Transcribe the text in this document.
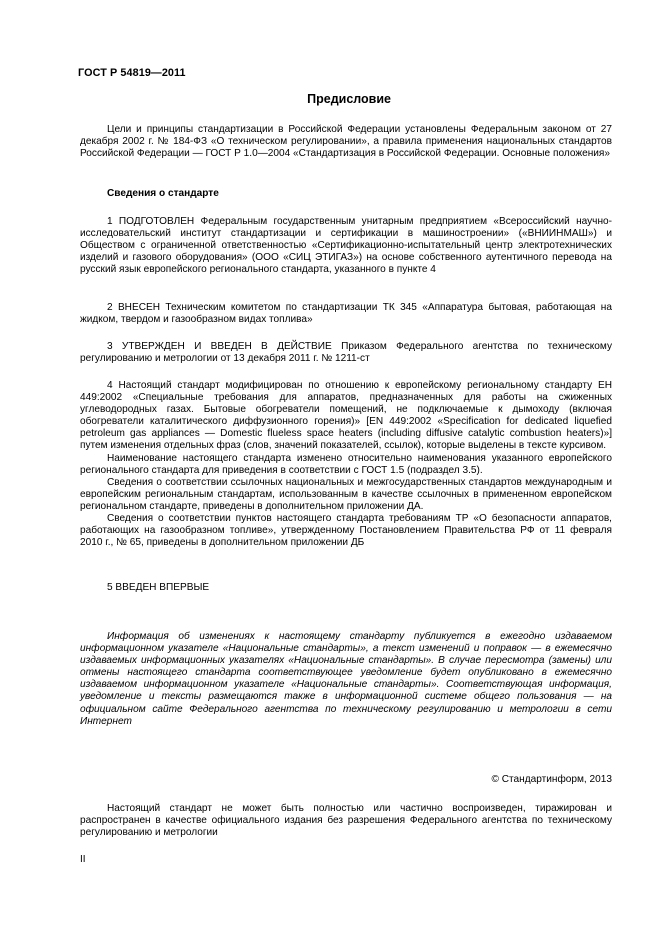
ГОСТ Р 54819—2011
Предисловие

Цели и принципы стандартизации в Российской Федерации установлены Федеральным законом от 27 декабря 2002 г. № 184-ФЗ «О техническом регулировании», а правила применения национальных стандартов Российской Федерации — ГОСТ Р 1.0—2004 «Стандартизация в Российской Федерации. Основные положения»

Сведения о стандарте

1 ПОДГОТОВЛЕН Федеральным государственным унитарным предприятием «Всероссийский научно-исследовательский институт стандартизации и сертификации в машиностроении» («ВНИИНМАШ») и Обществом с ограниченной ответственностью «Сертификационно-испытательный центр электротехнических изделий и газового оборудования» (ООО «СИЦ ЭТИГАЗ») на основе собственного аутентичного перевода на русский язык европейского регионального стандарта, указанного в пункте 4

2 ВНЕСЕН Техническим комитетом по стандартизации ТК 345 «Аппаратура бытовая, работающая на жидком, твердом и газообразном видах топлива»

3 УТВЕРЖДЕН И ВВЕДЕН В ДЕЙСТВИЕ Приказом Федерального агентства по техническому регулированию и метрологии от 13 декабря 2011 г. № 1211-ст

4 Настоящий стандарт модифицирован по отношению к европейскому региональному стандарту ЕН 449:2002 «Специальные требования для аппаратов, предназначенных для работы на сжиженных углеводородных газах. Бытовые обогреватели помещений, не подключаемые к дымоходу (включая обогреватели каталитического диффузионного горения)» [EN 449:2002 «Specification for dedicated liquefied petroleum gas appliances — Domestic flueless space heaters (including diffusive catalytic combustion heaters)»] путем изменения отдельных фраз (слов, значений показателей, ссылок), которые выделены в тексте курсивом.

Наименование настоящего стандарта изменено относительно наименования указанного европейского регионального стандарта для приведения в соответствии с ГОСТ 1.5 (подраздел 3.5).

Сведения о соответствии ссылочных национальных и межгосударственных стандартов международным и европейским региональным стандартам, использованным в качестве ссылочных в примененном европейском региональном стандарте, приведены в дополнительном приложении ДА.

Сведения о соответствии пунктов настоящего стандарта требованиям ТР «О безопасности аппаратов, работающих на газообразном топливе», утвержденному Постановлением Правительства РФ от 11 февраля 2010 г., № 65, приведены в дополнительном приложении ДБ

5 ВВЕДЕН ВПЕРВЫЕ

Информация об изменениях к настоящему стандарту публикуется в ежегодно издаваемом информационном указателе «Национальные стандарты», а текст изменений и поправок — в ежемесячно издаваемых информационных указателях «Национальные стандарты». В случае пересмотра (замены) или отмены настоящего стандарта соответствующее уведомление будет опубликовано в ежемесячно издаваемом информационном указателе «Национальные стандарты». Соответствующая информация, уведомление и тексты размещаются также в информационной системе общего пользования — на официальном сайте Федерального агентства по техническому регулированию и метрологии в сети Интернет

© Стандартинформ, 2013

Настоящий стандарт не может быть полностью или частично воспроизведен, тиражирован и распространен в качестве официального издания без разрешения Федерального агентства по техническому регулированию и метрологии

II
